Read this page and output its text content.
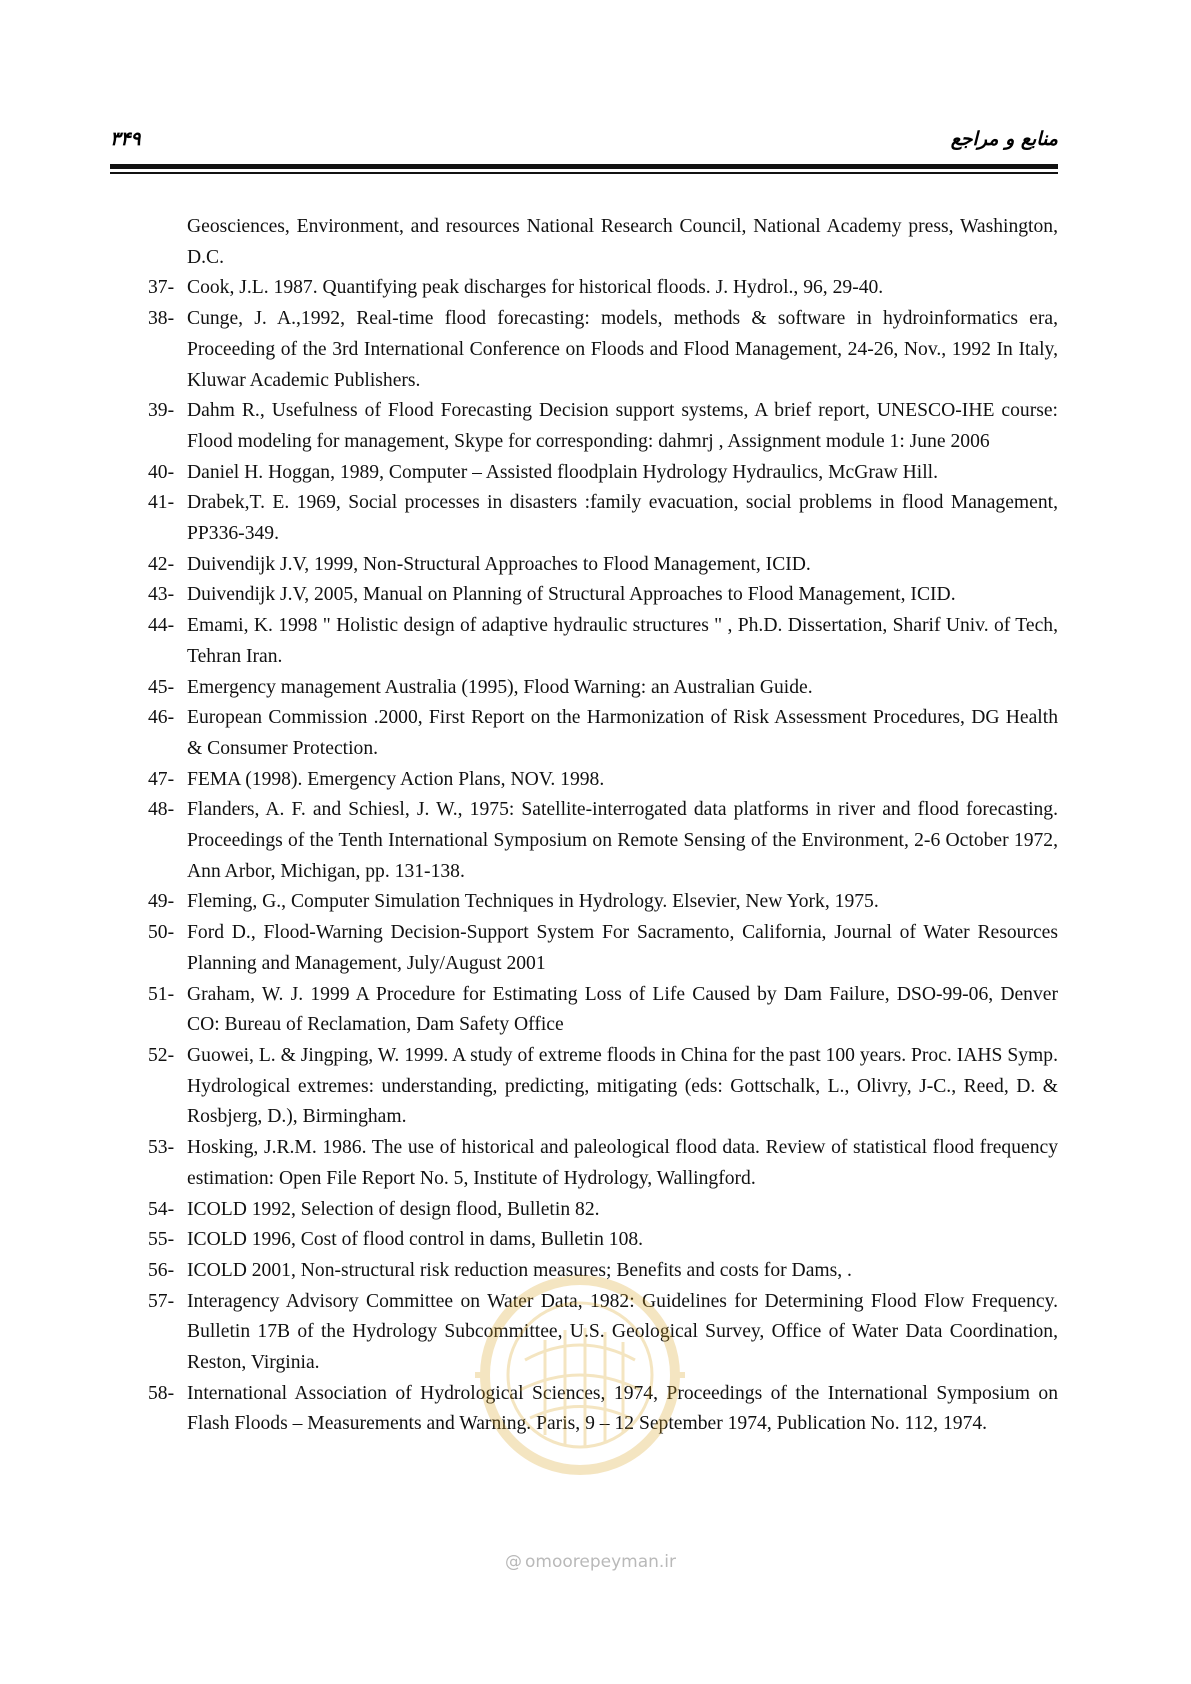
۳۴۹	منابع و مراجع
Geosciences, Environment, and resources National Research Council, National Academy press, Washington, D.C.
37- Cook, J.L. 1987. Quantifying peak discharges for historical floods. J. Hydrol., 96, 29-40.
38- Cunge, J. A.,1992, Real-time flood forecasting: models, methods & software in hydroinformatics era, Proceeding of the 3rd International Conference on Floods and Flood Management, 24-26, Nov., 1992 In Italy, Kluwar Academic Publishers.
39- Dahm R., Usefulness of Flood Forecasting Decision support systems, A brief report, UNESCO-IHE course: Flood modeling for management, Skype for corresponding: dahmrj , Assignment module 1: June 2006
40- Daniel H. Hoggan, 1989, Computer – Assisted floodplain Hydrology Hydraulics, McGraw Hill.
41- Drabek,T. E. 1969, Social processes in disasters :family evacuation, social problems in flood Management, PP336-349.
42- Duivendijk J.V, 1999, Non-Structural Approaches to Flood Management, ICID.
43- Duivendijk J.V, 2005, Manual on Planning of Structural Approaches to Flood Management, ICID.
44- Emami, K. 1998 " Holistic design of adaptive hydraulic structures " , Ph.D. Dissertation, Sharif Univ. of Tech, Tehran Iran.
45- Emergency management Australia (1995), Flood Warning: an Australian Guide.
46- European Commission .2000, First Report on the Harmonization of Risk Assessment Procedures, DG Health & Consumer Protection.
47- FEMA (1998). Emergency Action Plans, NOV. 1998.
48- Flanders, A. F. and Schiesl, J. W., 1975: Satellite-interrogated data platforms in river and flood forecasting. Proceedings of the Tenth International Symposium on Remote Sensing of the Environment, 2-6 October 1972, Ann Arbor, Michigan, pp. 131-138.
49- Fleming, G., Computer Simulation Techniques in Hydrology. Elsevier, New York, 1975.
50- Ford D., Flood-Warning Decision-Support System For Sacramento, California, Journal of Water Resources Planning and Management, July/August 2001
51- Graham, W. J. 1999 A Procedure for Estimating Loss of Life Caused by Dam Failure, DSO-99-06, Denver CO: Bureau of Reclamation, Dam Safety Office
52- Guowei, L. & Jingping, W. 1999. A study of extreme floods in China for the past 100 years. Proc. IAHS Symp. Hydrological extremes: understanding, predicting, mitigating (eds: Gottschalk, L., Olivry, J-C., Reed, D. & Rosbjerg, D.), Birmingham.
53- Hosking, J.R.M. 1986. The use of historical and paleological flood data. Review of statistical flood frequency estimation: Open File Report No. 5, Institute of Hydrology, Wallingford.
54- ICOLD 1992, Selection of design flood, Bulletin 82.
55- ICOLD 1996, Cost of flood control in dams, Bulletin 108.
56- ICOLD 2001, Non-structural risk reduction measures; Benefits and costs for Dams, .
57- Interagency Advisory Committee on Water Data, 1982: Guidelines for Determining Flood Flow Frequency. Bulletin 17B of the Hydrology Subcommittee, U.S. Geological Survey, Office of Water Data Coordination, Reston, Virginia.
58- International Association of Hydrological Sciences, 1974, Proceedings of the International Symposium on Flash Floods – Measurements and Warning. Paris, 9 – 12 September 1974, Publication No. 112, 1974.
@ omoorepeyman.ir
